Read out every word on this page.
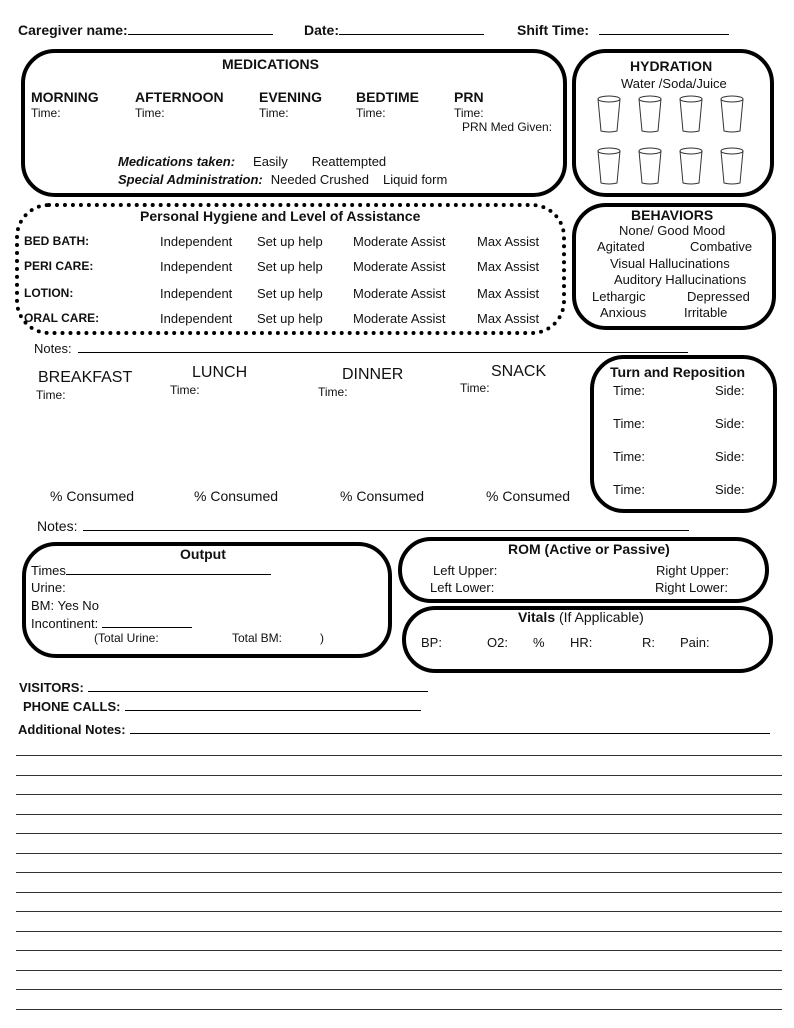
Caregiver name:	Date:	Shift Time:
MEDICATIONS
PRN Med Given:
Medications taken: Easily Reattempted
Special Administration: Needed Crushed Liquid form
HYDRATION
Water /Soda/Juice
Personal Hygiene and Level of Assistance	BEHAVIORS
None/ Good Mood
Agitated	Combative
Visual Hallucinations
Auditory Hallucinations
Lethargic	Depressed
Anxious	Irritable
Notes:
BREAKFAST
Time:
LUNCH
Time:
DINNER
Time:
SNACK
Time:
% Consumed	% Consumed	% Consumed	% Consumed
Turn and Reposition
Notes:
Output
Times
Urine:
BM: Yes No
Incontinent:
(Total Urine:	Total BM:	)
ROM (Active or Passive)
Left Upper:
Left Lower:
Right Upper:
Right Lower:
Vitals (If Applicable)
BP:	O2: % HR:	R: Pain:
VISITORS:
PHONE CALLS:
Additional Notes:
MORNING
Time:
AFTERNOON
Time:
EVENING
Time:
BEDTIME
Time:
PRN
Time:
BED BATH:	Independent Set up help Moderate Assist Max Assist
PERI CARE:	Independent Set up help Moderate Assist Max Assist
LOTION:	Independent Set up help Moderate Assist Max Assist
ORAL CARE:	Independent Set up help Moderate Assist Max Assist
Time:	Side:
Time:	Side:
Time:	Side:
Time:	Side:
